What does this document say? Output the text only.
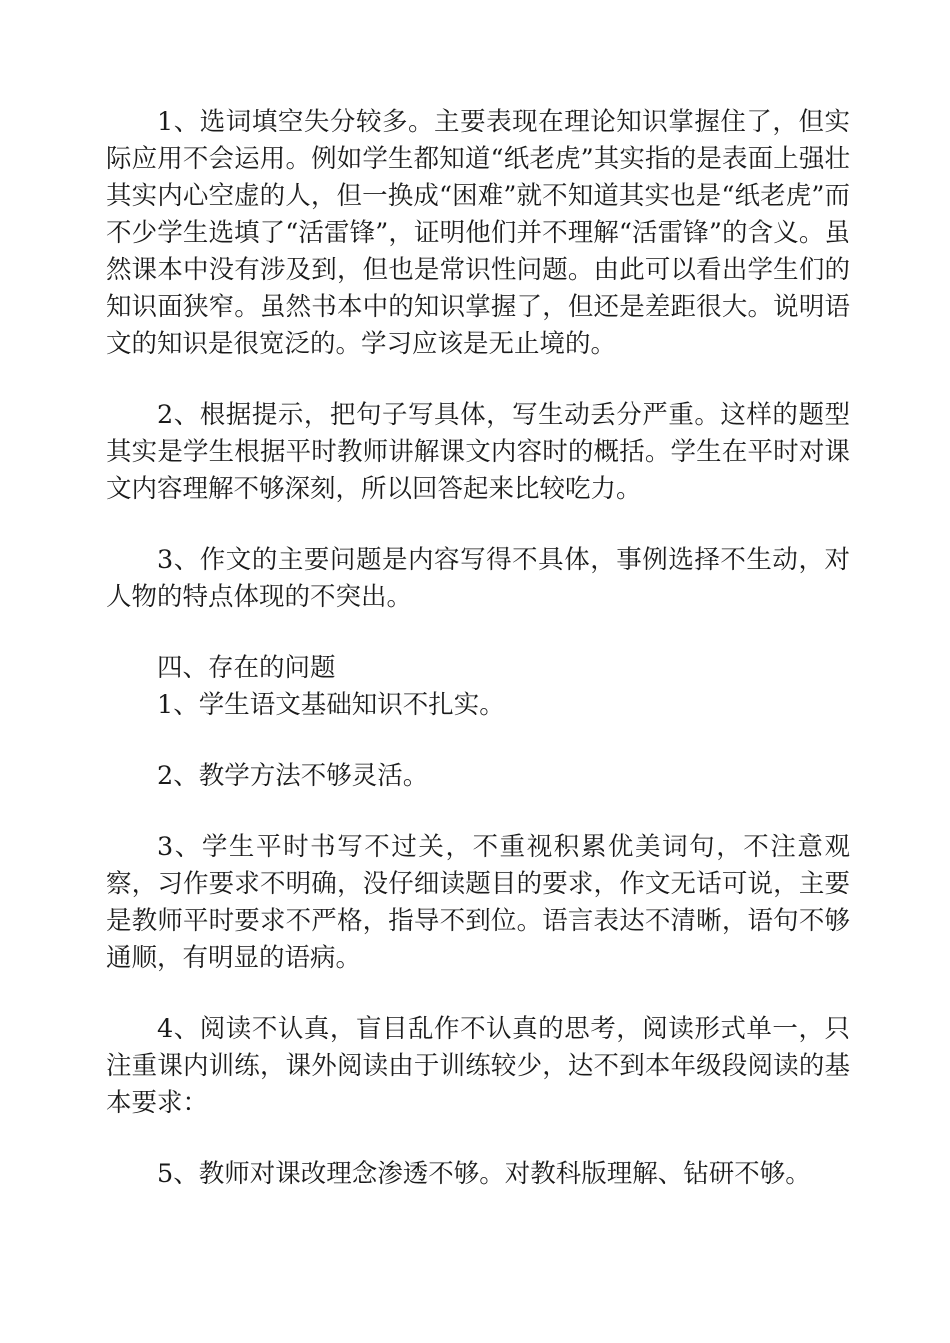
1、选词填空失分较多。主要表现在理论知识掌握住了，但实际应用不会运用。例如学生都知道“纸老虎”其实指的是表面上强壮其实内心空虚的人，但一换成“困难”就不知道其实也是“纸老虎”而不少学生选填了“活雷锋”，证明他们并不理解“活雷锋”的含义。虽然课本中没有涉及到，但也是常识性问题。由此可以看出学生们的知识面狭窄。虽然书本中的知识掌握了，但还是差距很大。说明语文的知识是很宽泛的。学习应该是无止境的。

2、根据提示，把句子写具体，写生动丢分严重。这样的题型其实是学生根据平时教师讲解课文内容时的概括。学生在平时对课文内容理解不够深刻，所以回答起来比较吃力。

3、作文的主要问题是内容写得不具体，事例选择不生动，对人物的特点体现的不突出。

四、存在的问题

1、学生语文基础知识不扎实。

2、教学方法不够灵活。

3、学生平时书写不过关，不重视积累优美词句，不注意观察，习作要求不明确，没仔细读题目的要求，作文无话可说，主要是教师平时要求不严格，指导不到位。语言表达不清晰，语句不够通顺，有明显的语病。

4、阅读不认真，盲目乱作不认真的思考，阅读形式单一，只注重课内训练，课外阅读由于训练较少，达不到本年级段阅读的基本要求：

5、教师对课改理念渗透不够。对教科版理解、钻研不够。
